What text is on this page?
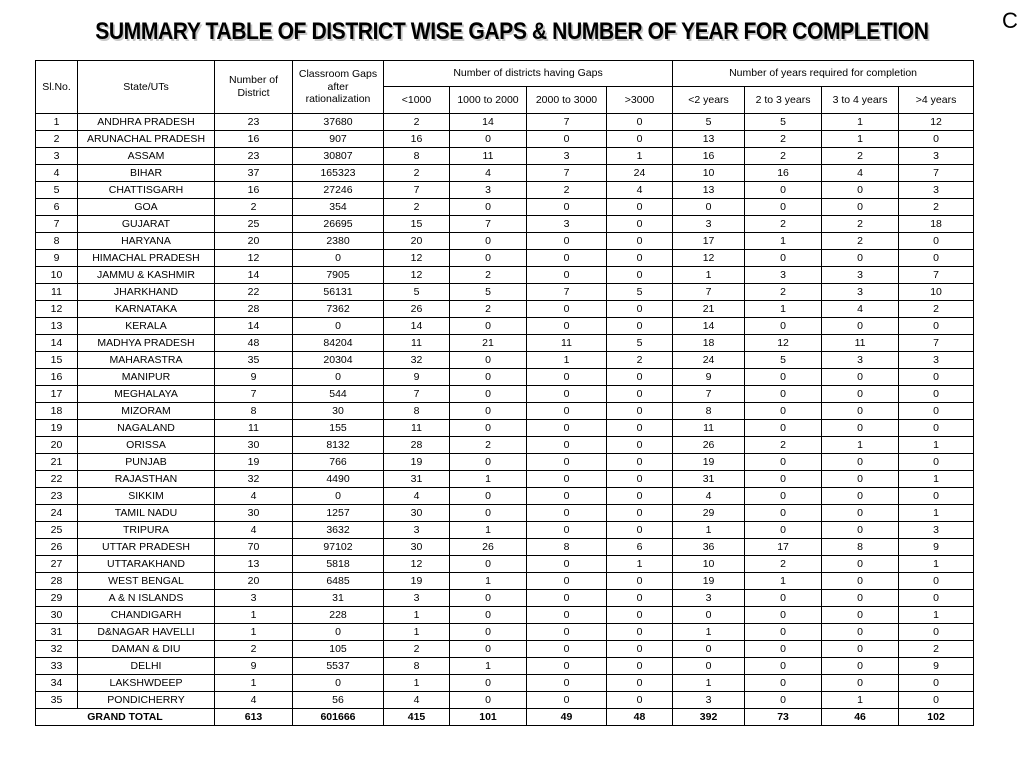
SUMMARY TABLE OF DISTRICT WISE GAPS & NUMBER OF YEAR FOR COMPLETION	C
Sl.No.	State/UTs	Number of District	Classroom Gaps after rationalization	Number of districts having Gaps				Number of years required for completion			
				<1000	1000 to 2000	2000 to 3000	>3000	<2 years	2 to 3 years	3 to 4 years	>4 years
1	ANDHRA PRADESH	23	37680	2	14	7	0	5	5	1	12
2	ARUNACHAL PRADESH	16	907	16	0	0	0	13	2	1	0
3	ASSAM	23	30807	8	11	3	1	16	2	2	3
4	BIHAR	37	165323	2	4	7	24	10	16	4	7
5	CHATTISGARH	16	27246	7	3	2	4	13	0	0	3
6	GOA	2	354	2	0	0	0	0	0	0	2
7	GUJARAT	25	26695	15	7	3	0	3	2	2	18
8	HARYANA	20	2380	20	0	0	0	17	1	2	0
9	HIMACHAL PRADESH	12	0	12	0	0	0	12	0	0	0
10	JAMMU & KASHMIR	14	7905	12	2	0	0	1	3	3	7
11	JHARKHAND	22	56131	5	5	7	5	7	2	3	10
12	KARNATAKA	28	7362	26	2	0	0	21	1	4	2
13	KERALA	14	0	14	0	0	0	14	0	0	0
14	MADHYA PRADESH	48	84204	11	21	11	5	18	12	11	7
15	MAHARASTRA	35	20304	32	0	1	2	24	5	3	3
16	MANIPUR	9	0	9	0	0	0	9	0	0	0
17	MEGHALAYA	7	544	7	0	0	0	7	0	0	0
18	MIZORAM	8	30	8	0	0	0	8	0	0	0
19	NAGALAND	11	155	11	0	0	0	11	0	0	0
20	ORISSA	30	8132	28	2	0	0	26	2	1	1
21	PUNJAB	19	766	19	0	0	0	19	0	0	0
22	RAJASTHAN	32	4490	31	1	0	0	31	0	0	1
23	SIKKIM	4	0	4	0	0	0	4	0	0	0
24	TAMIL NADU	30	1257	30	0	0	0	29	0	0	1
25	TRIPURA	4	3632	3	1	0	0	1	0	0	3
26	UTTAR PRADESH	70	97102	30	26	8	6	36	17	8	9
27	UTTARAKHAND	13	5818	12	0	0	1	10	2	0	1
28	WEST BENGAL	20	6485	19	1	0	0	19	1	0	0
29	A & N ISLANDS	3	31	3	0	0	0	3	0	0	0
30	CHANDIGARH	1	228	1	0	0	0	0	0	0	1
31	D&NAGAR HAVELLI	1	0	1	0	0	0	1	0	0	0
32	DAMAN & DIU	2	105	2	0	0	0	0	0	0	2
33	DELHI	9	5537	8	1	0	0	0	0	0	9
34	LAKSHWDEEP	1	0	1	0	0	0	1	0	0	0
35	PONDICHERRY	4	56	4	0	0	0	3	0	1	0
GRAND TOTAL		613	601666	415	101	49	48	392	73	46	102
